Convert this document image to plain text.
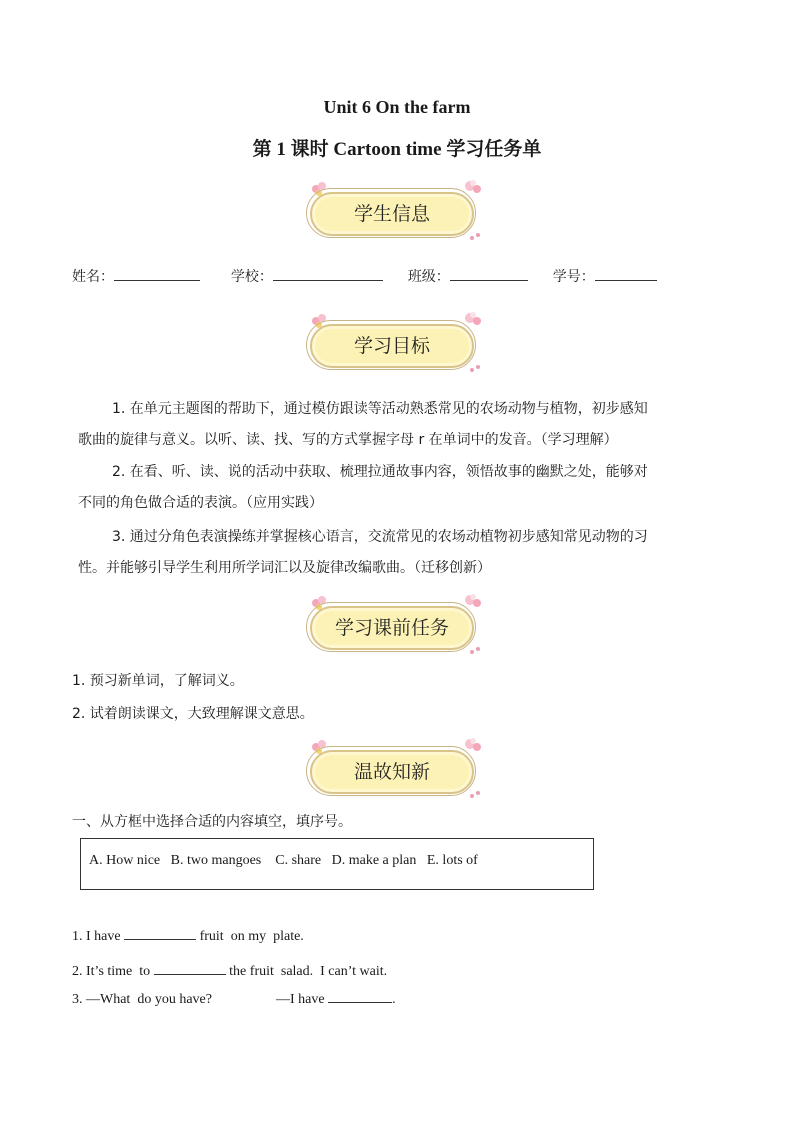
Unit 6 On the farm
第 1 课时 Cartoon time 学习任务单
学生信息
姓名：	学校：	班级：	学号：
学习目标
1. 在单元主题图的帮助下，通过模仿跟读等活动熟悉常见的农场动物与植物，初步感知
歌曲的旋律与意义。以听、读、找、写的方式掌握字母 r 在单词中的发音。（学习理解）
2. 在看、听、读、说的活动中获取、梳理拉通故事内容，领悟故事的幽默之处，能够对
不同的角色做合适的表演。（应用实践）
3. 通过分角色表演操练并掌握核心语言，交流常见的农场动植物初步感知常见动物的习
性。并能够引导学生利用所学词汇以及旋律改编歌曲。（迁移创新）
学习课前任务
1. 预习新单词，了解词义。
2. 试着朗读课文，大致理解课文意思。
温故知新
一、从方框中选择合适的内容填空，填序号。
A. How nice   B. two mangoes    C. share   D. make a plan   E. lots of
1. I have	fruit  on my  plate.
2. It’s time  to	the fruit  salad.  I can’t wait.
3. —What  do you have?	—I have	.
